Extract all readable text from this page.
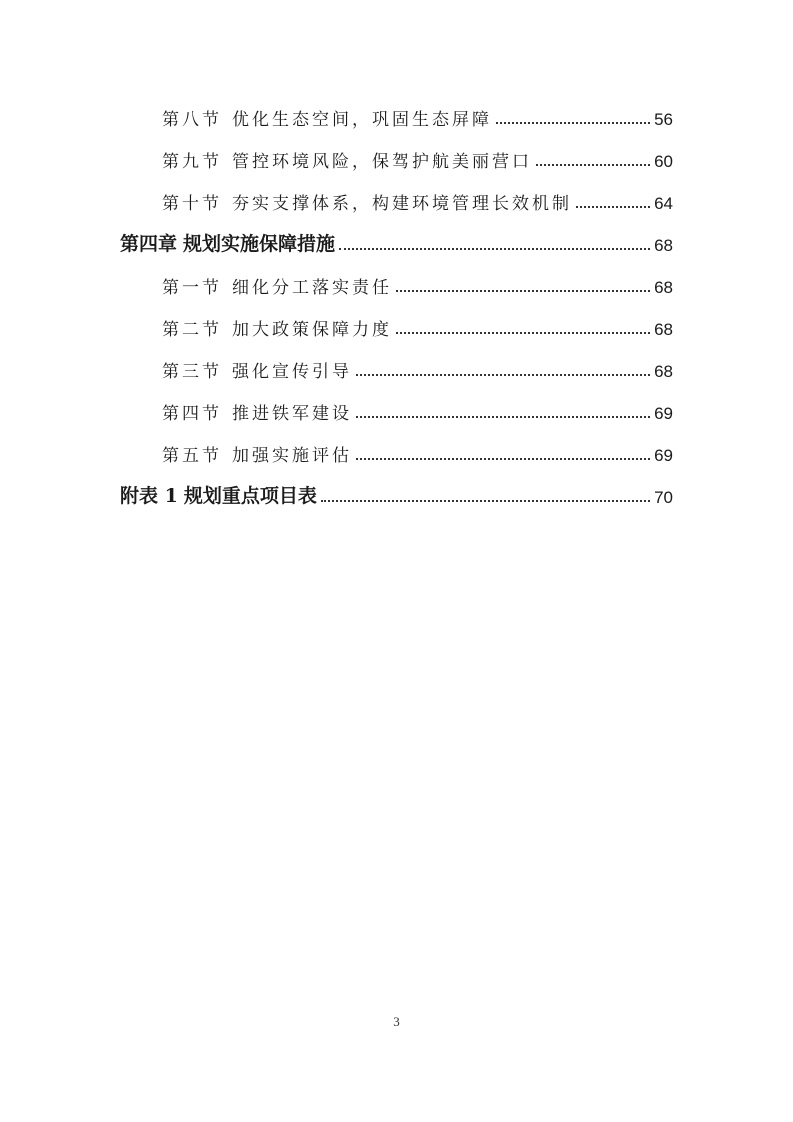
第八节 优化生态空间，巩固生态屏障	56
第九节 管控环境风险，保驾护航美丽营口	60
第十节 夯实支撑体系，构建环境管理长效机制	64
第四章 规划实施保障措施	68
第一节 细化分工落实责任	68
第二节 加大政策保障力度	68
第三节 强化宣传引导	68
第四节 推进铁军建设	69
第五节 加强实施评估	69
附表 1 规划重点项目表	70
3
